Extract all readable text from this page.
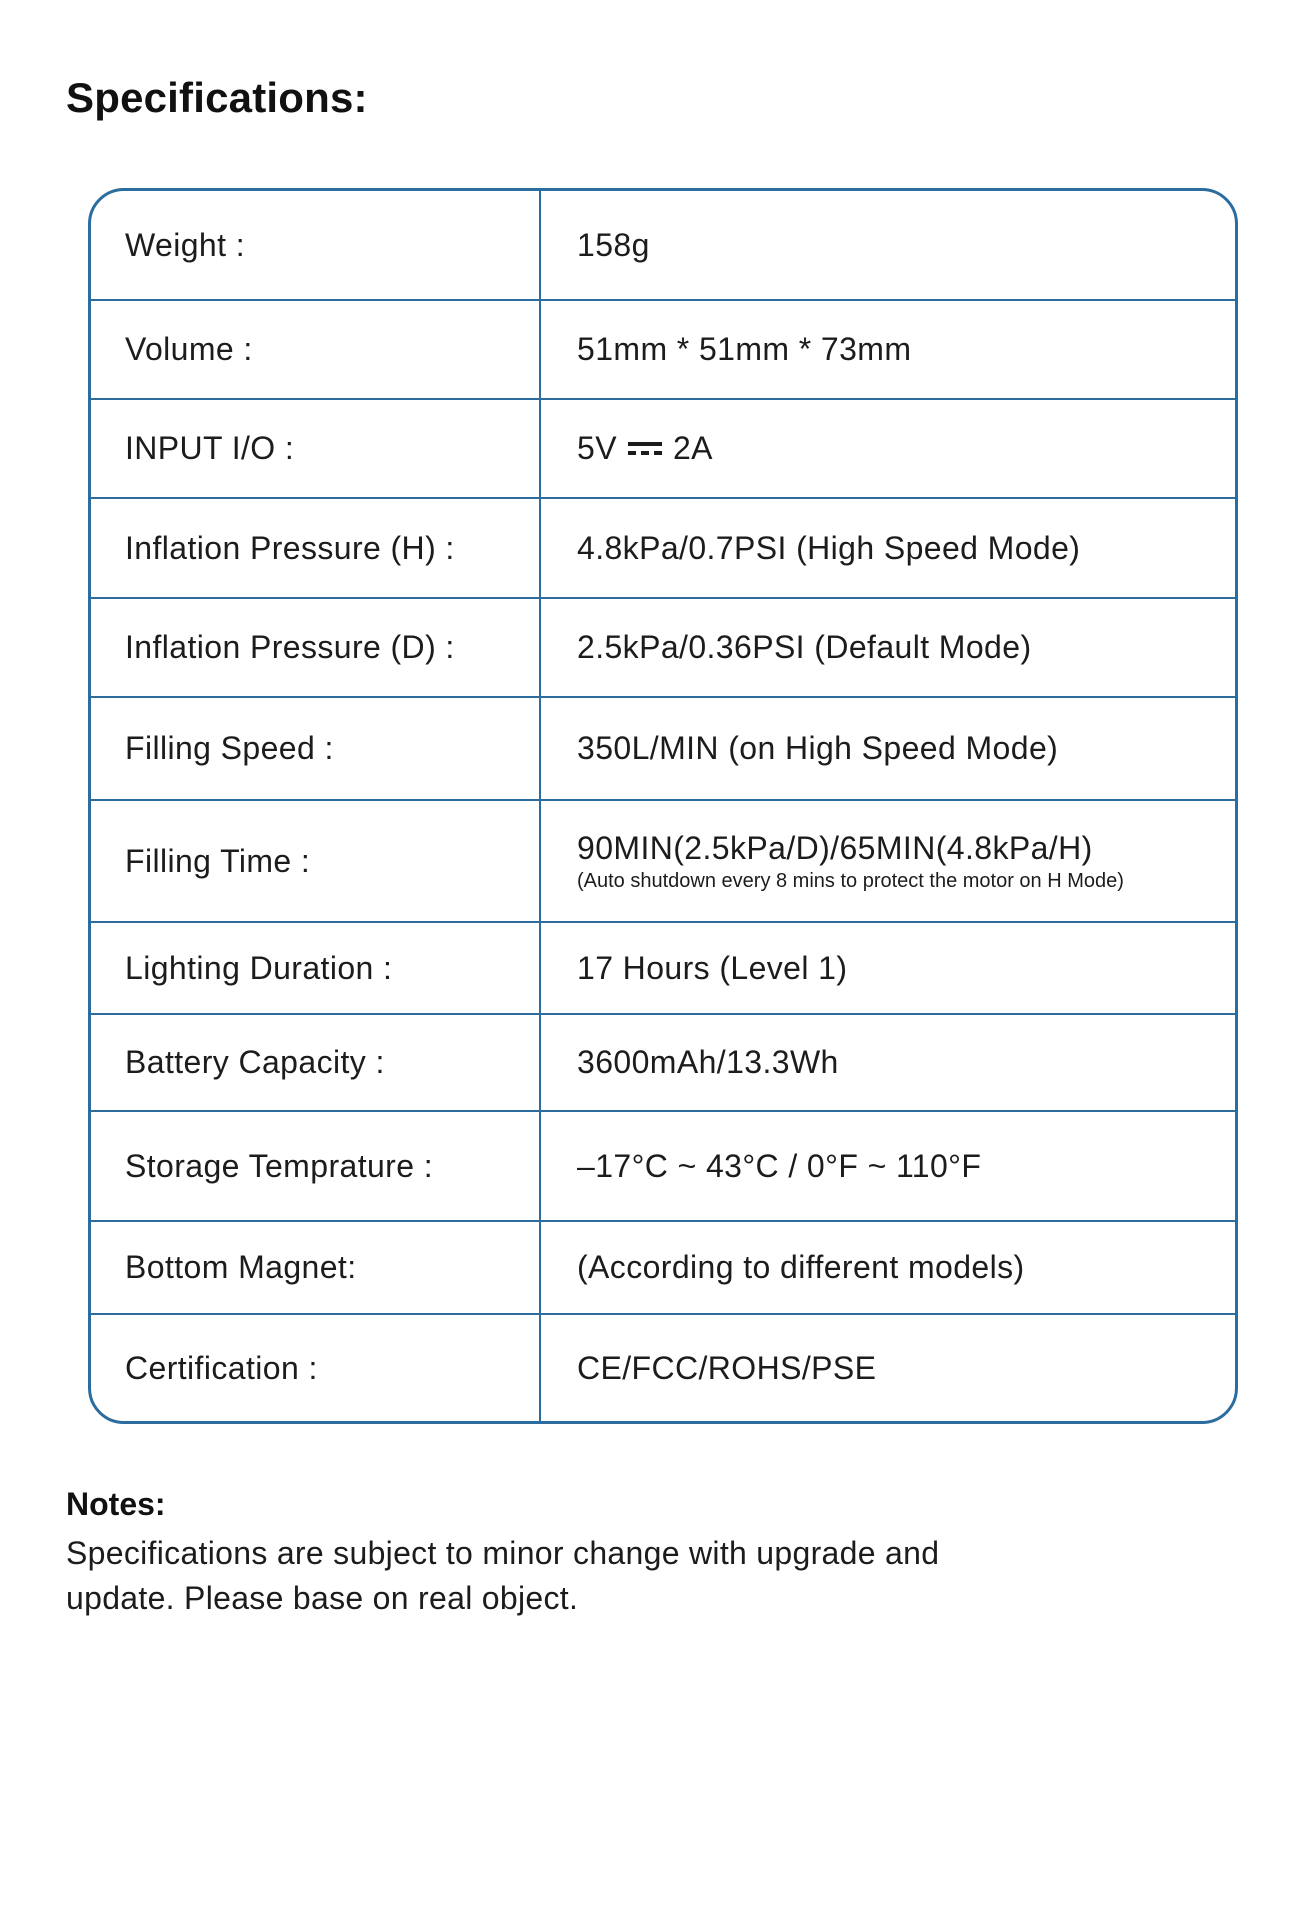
Specifications:
Weight :	158g
Volume :	51mm * 51mm * 73mm
INPUT I/O :	5V 2A
Inflation Pressure (H) :	4.8kPa/0.7PSI (High Speed Mode)
Inflation Pressure (D) :	2.5kPa/0.36PSI (Default Mode)
Filling Speed :	350L/MIN (on High Speed Mode)
Filling Time :	90MIN(2.5kPa/D)/65MIN(4.8kPa/H)
(Auto shutdown every 8 mins to protect the motor on H Mode)
Lighting Duration :	17 Hours (Level 1)
Battery Capacity :	3600mAh/13.3Wh
Storage Temprature :	–17°C ~ 43°C / 0°F ~ 110°F
Bottom Magnet:	(According to different models)
Certification :	CE/FCC/ROHS/PSE
Notes:
Specifications are subject to minor change with upgrade and update. Please base on real object.
